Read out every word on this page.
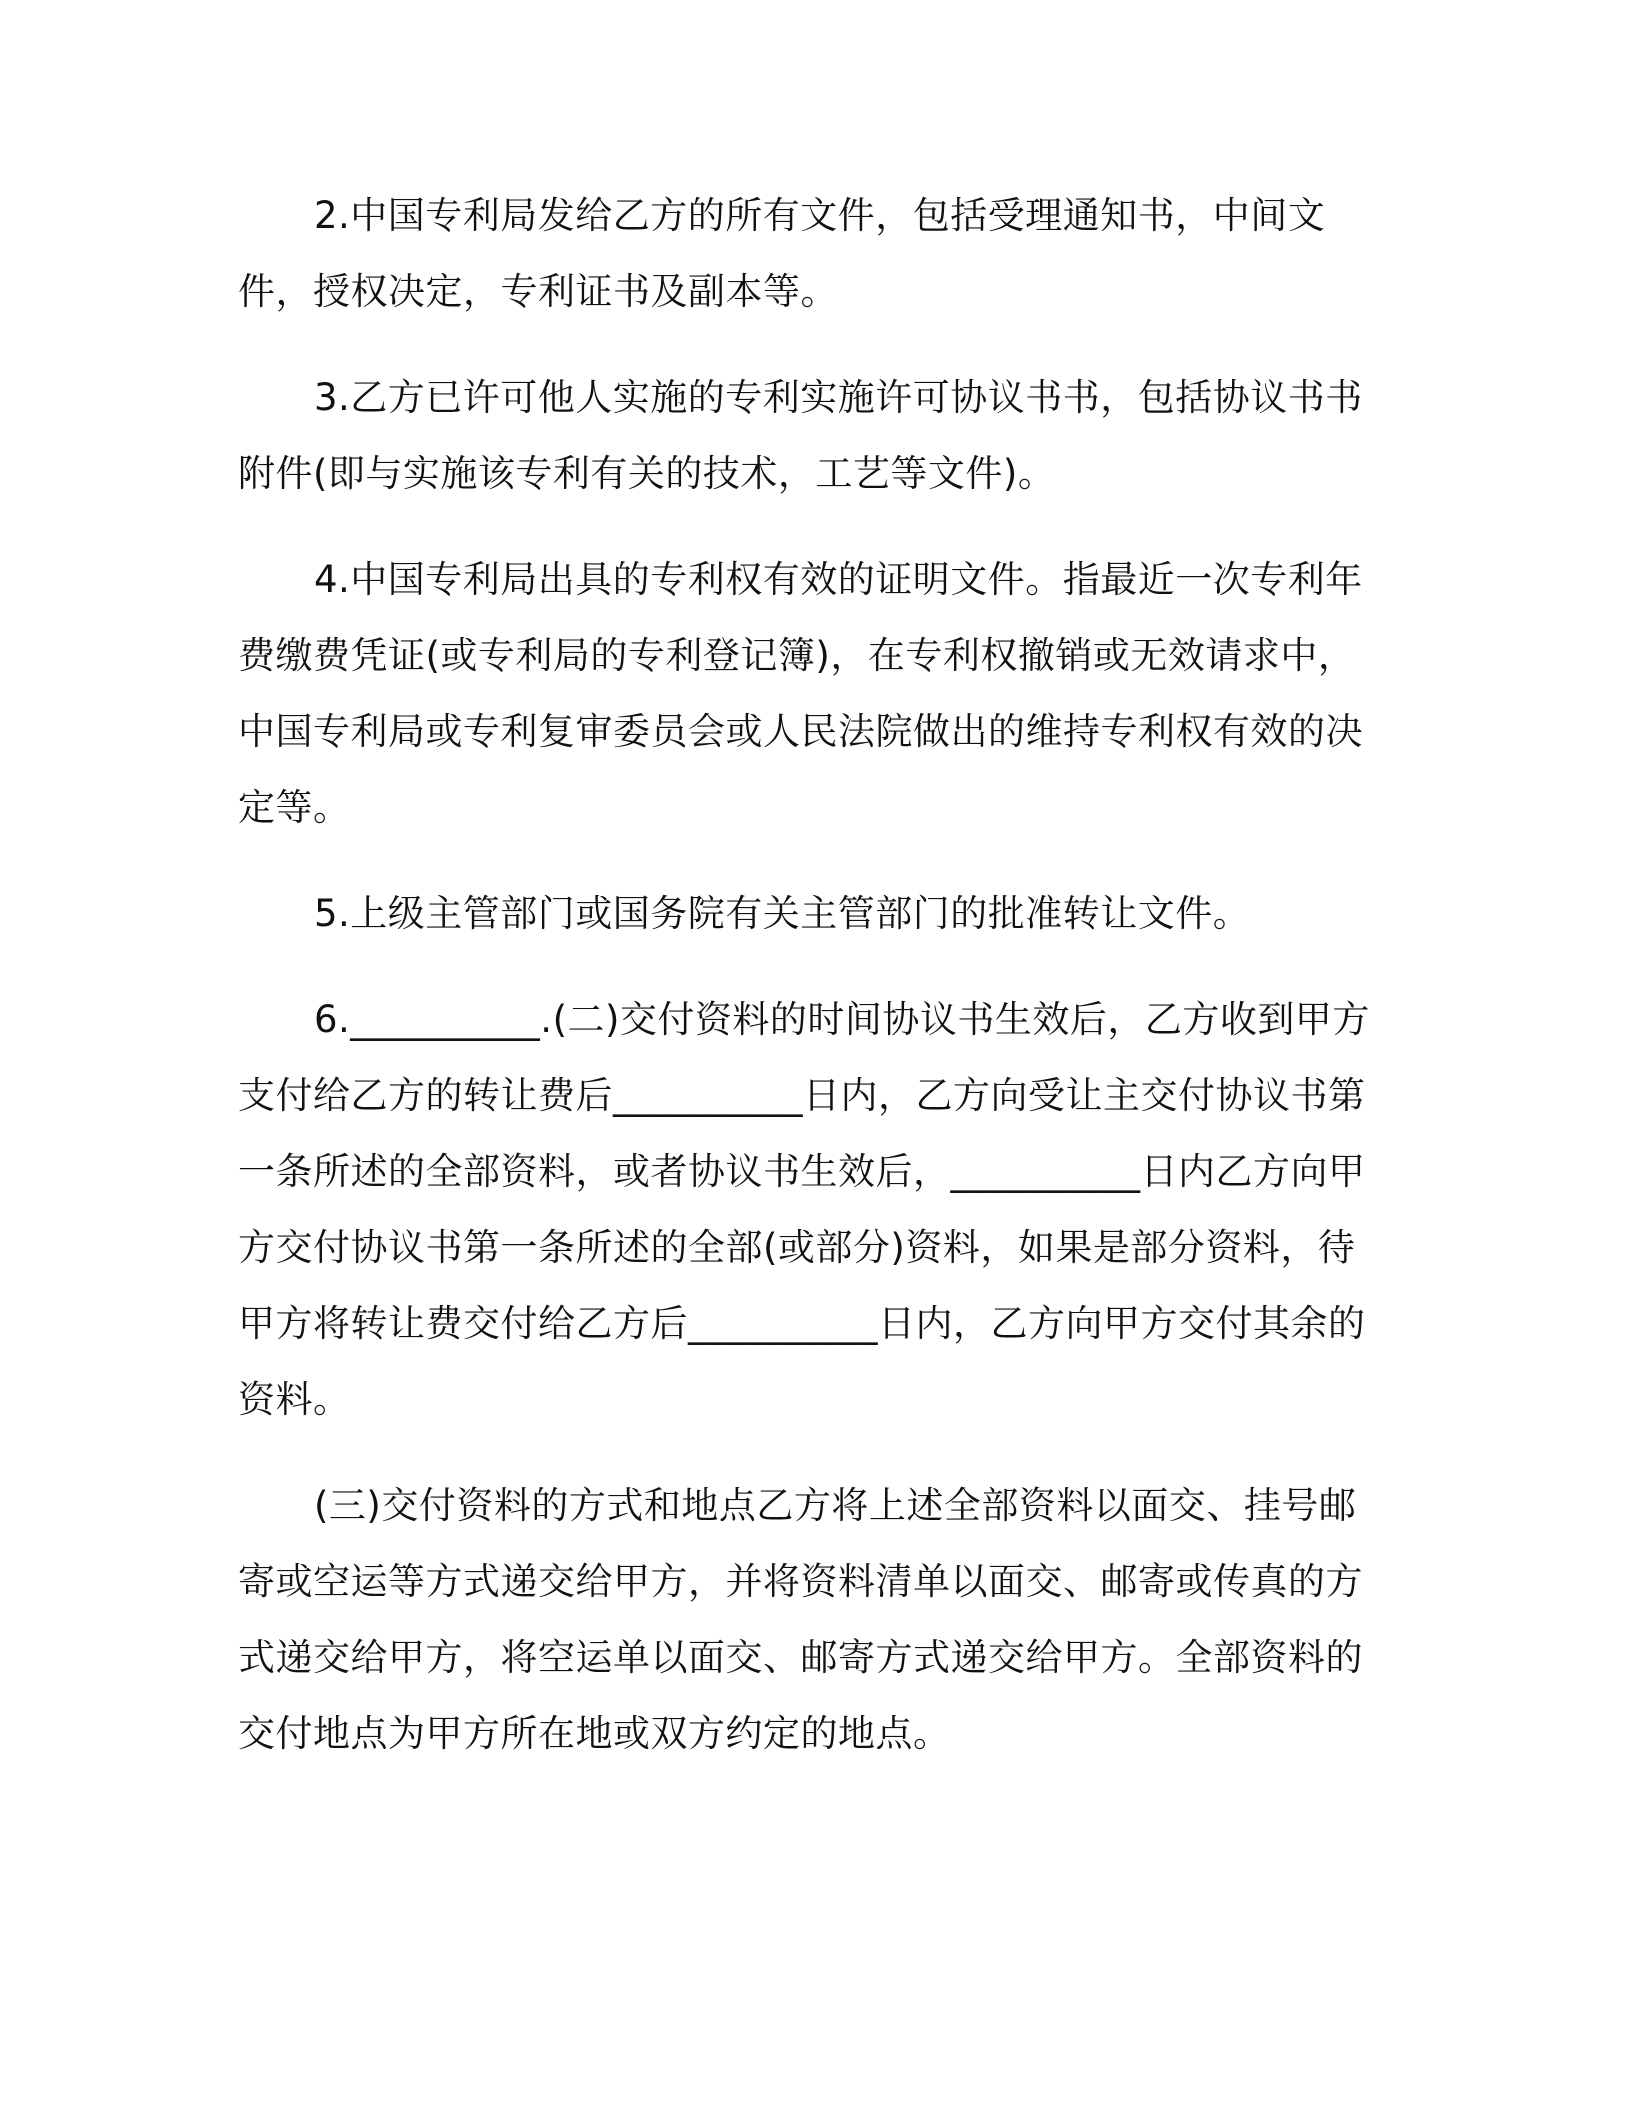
2.中国专利局发给乙方的所有文件，包括受理通知书，中间文件，授权决定，专利证书及副本等。

3.乙方已许可他人实施的专利实施许可协议书书，包括协议书书附件(即与实施该专利有关的技术，工艺等文件)。

4.中国专利局出具的专利权有效的证明文件。指最近一次专利年费缴费凭证(或专利局的专利登记簿)，在专利权撤销或无效请求中，中国专利局或专利复审委员会或人民法院做出的维持专利权有效的决定等。

5.上级主管部门或国务院有关主管部门的批准转让文件。

6.__________.(二)交付资料的时间协议书生效后，乙方收到甲方支付给乙方的转让费后__________日内，乙方向受让主交付协议书第一条所述的全部资料，或者协议书生效后，__________日内乙方向甲方交付协议书第一条所述的全部(或部分)资料，如果是部分资料，待甲方将转让费交付给乙方后__________日内，乙方向甲方交付其余的资料。

(三)交付资料的方式和地点乙方将上述全部资料以面交、挂号邮寄或空运等方式递交给甲方，并将资料清单以面交、邮寄或传真的方式递交给甲方，将空运单以面交、邮寄方式递交给甲方。全部资料的交付地点为甲方所在地或双方约定的地点。
